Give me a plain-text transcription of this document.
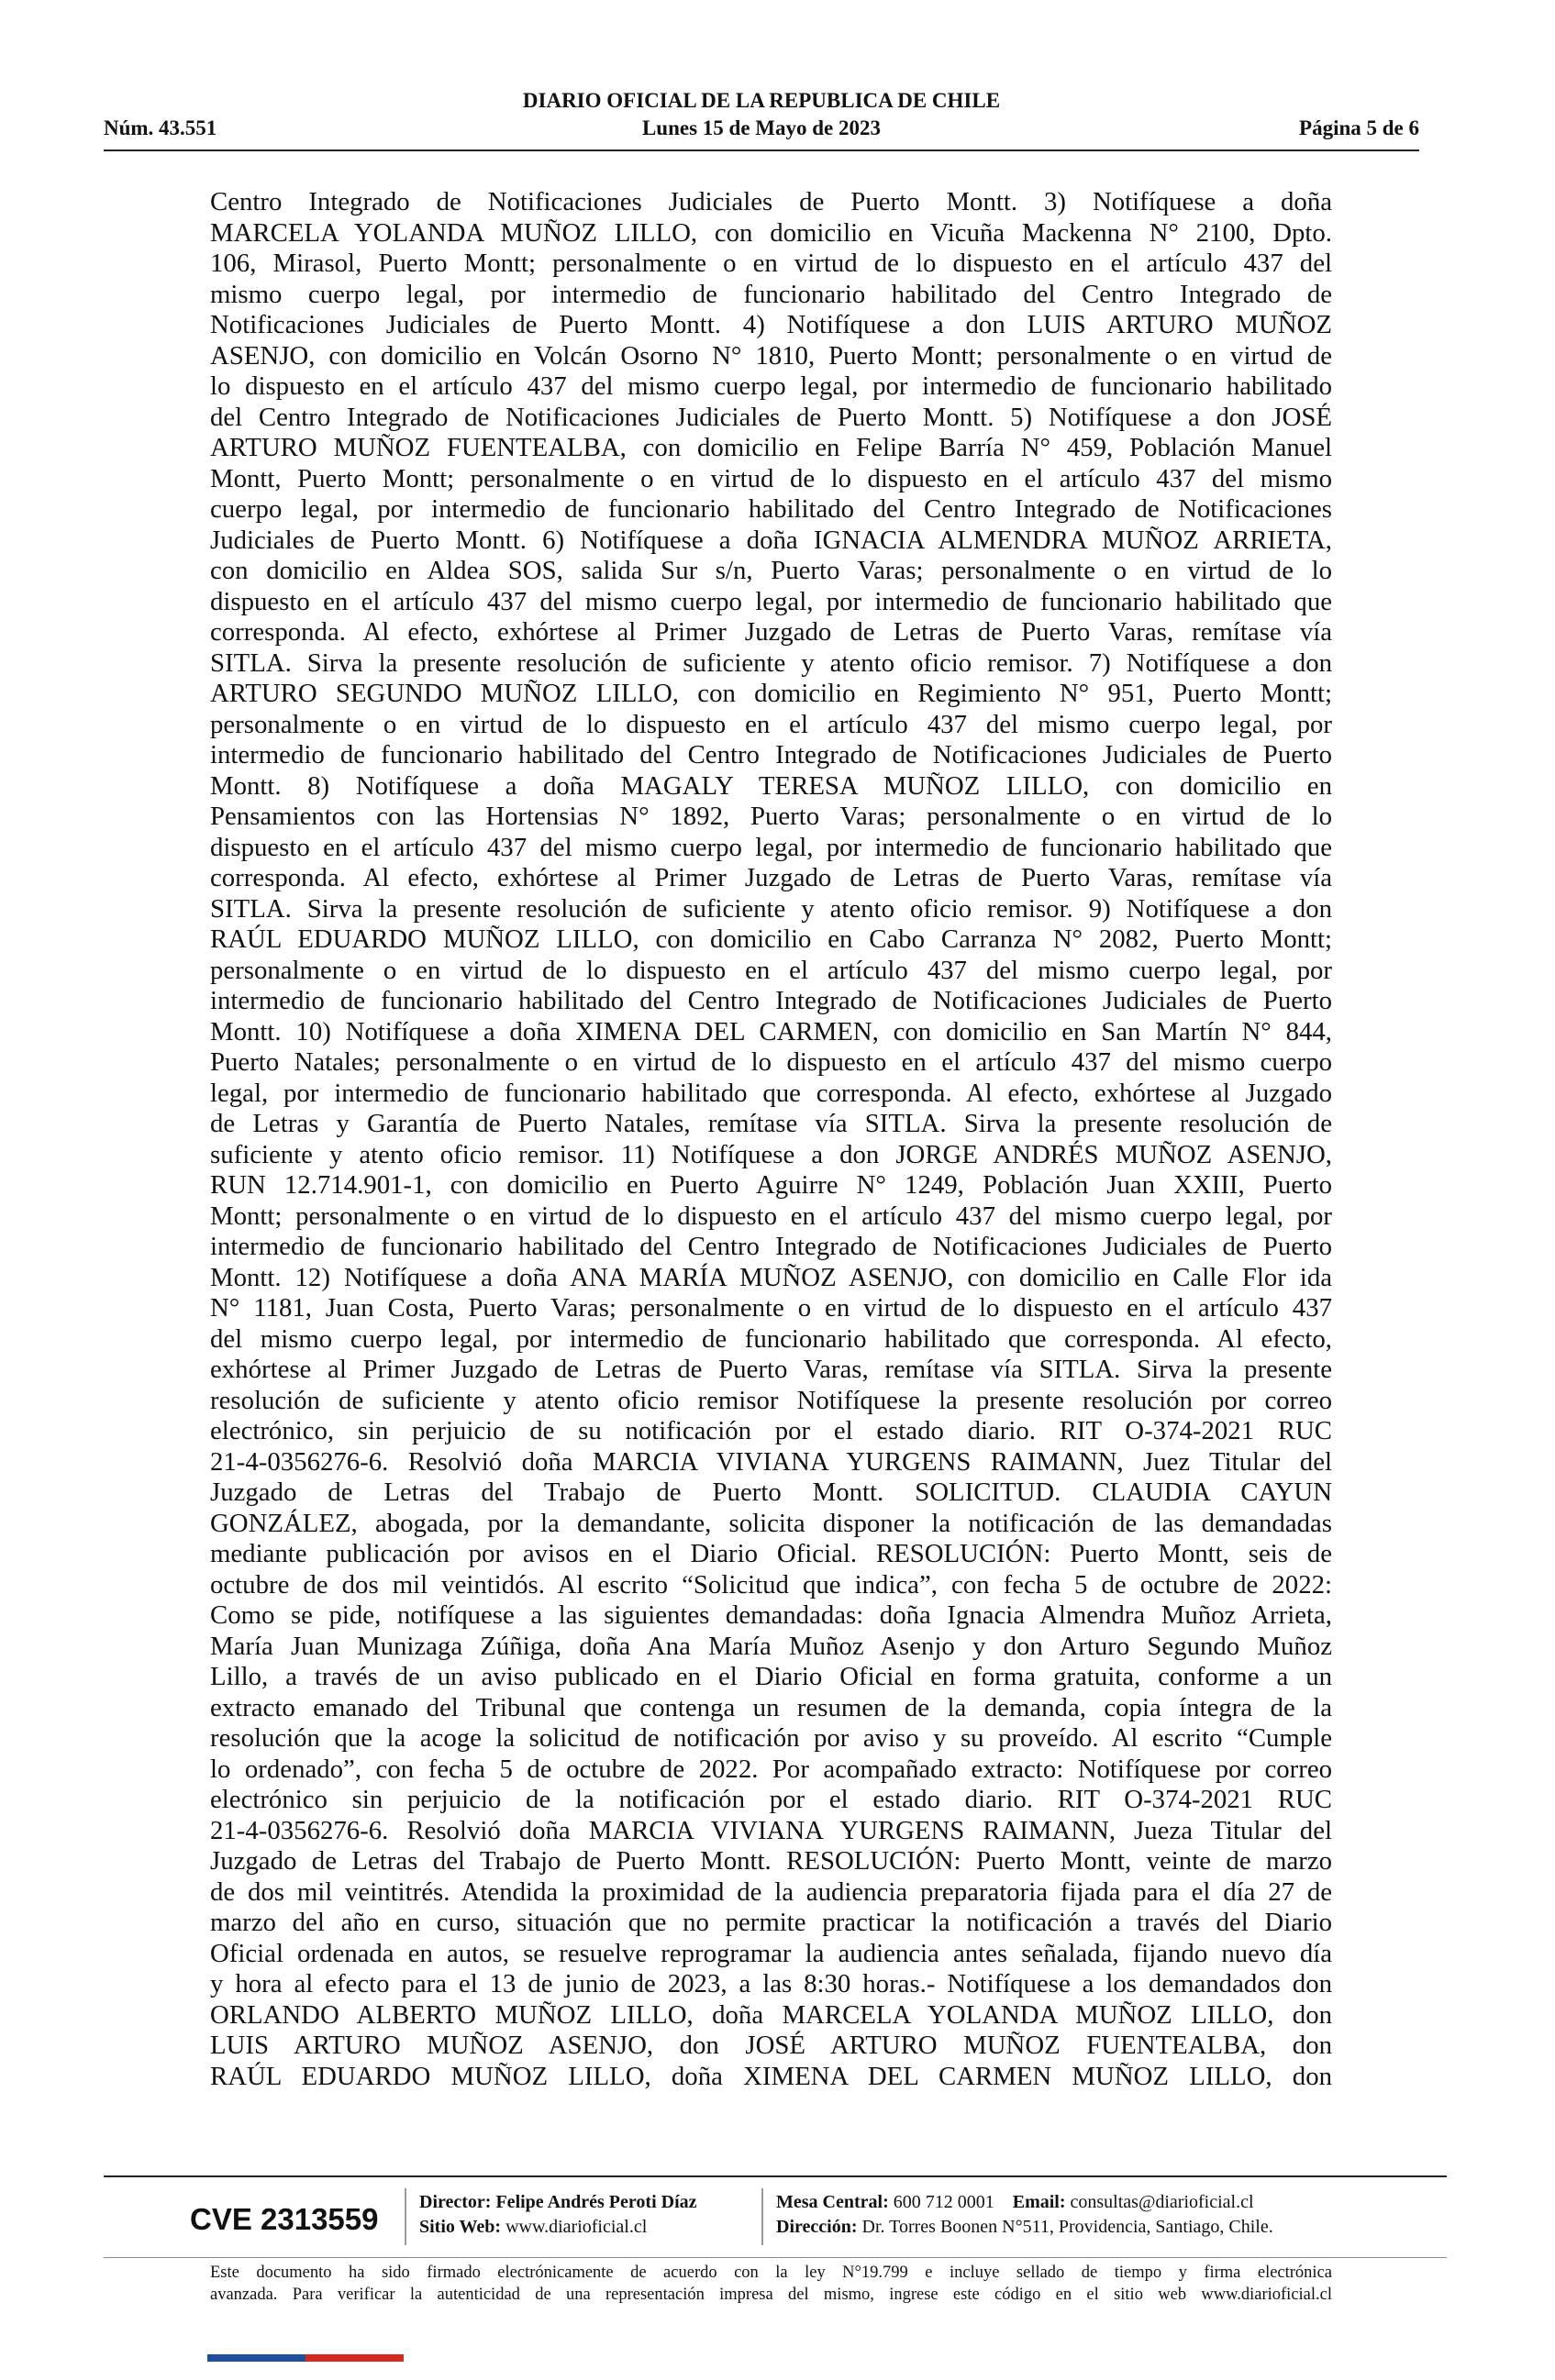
DIARIO OFICIAL DE LA REPUBLICA DE CHILE
Núm. 43.551	Lunes 15 de Mayo de 2023	Página 5 de 6
Centro Integrado de Notificaciones Judiciales de Puerto Montt. 3) Notifíquese a doña
MARCELA YOLANDA MUÑOZ LILLO, con domicilio en Vicuña Mackenna N° 2100, Dpto.
106, Mirasol, Puerto Montt; personalmente o en virtud de lo dispuesto en el artículo 437 del
mismo cuerpo legal, por intermedio de funcionario habilitado del Centro Integrado de
Notificaciones Judiciales de Puerto Montt. 4) Notifíquese a don LUIS ARTURO MUÑOZ
ASENJO, con domicilio en Volcán Osorno N° 1810, Puerto Montt; personalmente o en virtud de
lo dispuesto en el artículo 437 del mismo cuerpo legal, por intermedio de funcionario habilitado
del Centro Integrado de Notificaciones Judiciales de Puerto Montt. 5) Notifíquese a don JOSÉ
ARTURO MUÑOZ FUENTEALBA, con domicilio en Felipe Barría N° 459, Población Manuel
Montt, Puerto Montt; personalmente o en virtud de lo dispuesto en el artículo 437 del mismo
cuerpo legal, por intermedio de funcionario habilitado del Centro Integrado de Notificaciones
Judiciales de Puerto Montt. 6) Notifíquese a doña IGNACIA ALMENDRA MUÑOZ ARRIETA,
con domicilio en Aldea SOS, salida Sur s/n, Puerto Varas; personalmente o en virtud de lo
dispuesto en el artículo 437 del mismo cuerpo legal, por intermedio de funcionario habilitado que
corresponda. Al efecto, exhórtese al Primer Juzgado de Letras de Puerto Varas, remítase vía
SITLA. Sirva la presente resolución de suficiente y atento oficio remisor. 7) Notifíquese a don
ARTURO SEGUNDO MUÑOZ LILLO, con domicilio en Regimiento N° 951, Puerto Montt;
personalmente o en virtud de lo dispuesto en el artículo 437 del mismo cuerpo legal, por
intermedio de funcionario habilitado del Centro Integrado de Notificaciones Judiciales de Puerto
Montt. 8) Notifíquese a doña MAGALY TERESA MUÑOZ LILLO, con domicilio en
Pensamientos con las Hortensias N° 1892, Puerto Varas; personalmente o en virtud de lo
dispuesto en el artículo 437 del mismo cuerpo legal, por intermedio de funcionario habilitado que
corresponda. Al efecto, exhórtese al Primer Juzgado de Letras de Puerto Varas, remítase vía
SITLA. Sirva la presente resolución de suficiente y atento oficio remisor. 9) Notifíquese a don
RAÚL EDUARDO MUÑOZ LILLO, con domicilio en Cabo Carranza N° 2082, Puerto Montt;
personalmente o en virtud de lo dispuesto en el artículo 437 del mismo cuerpo legal, por
intermedio de funcionario habilitado del Centro Integrado de Notificaciones Judiciales de Puerto
Montt. 10) Notifíquese a doña XIMENA DEL CARMEN, con domicilio en San Martín N° 844,
Puerto Natales; personalmente o en virtud de lo dispuesto en el artículo 437 del mismo cuerpo
legal, por intermedio de funcionario habilitado que corresponda. Al efecto, exhórtese al Juzgado
de Letras y Garantía de Puerto Natales, remítase vía SITLA. Sirva la presente resolución de
suficiente y atento oficio remisor. 11) Notifíquese a don JORGE ANDRÉS MUÑOZ ASENJO,
RUN 12.714.901-1, con domicilio en Puerto Aguirre N° 1249, Población Juan XXIII, Puerto
Montt; personalmente o en virtud de lo dispuesto en el artículo 437 del mismo cuerpo legal, por
intermedio de funcionario habilitado del Centro Integrado de Notificaciones Judiciales de Puerto
Montt. 12) Notifíquese a doña ANA MARÍA MUÑOZ ASENJO, con domicilio en Calle Flor ida
N° 1181, Juan Costa, Puerto Varas; personalmente o en virtud de lo dispuesto en el artículo 437
del mismo cuerpo legal, por intermedio de funcionario habilitado que corresponda. Al efecto,
exhórtese al Primer Juzgado de Letras de Puerto Varas, remítase vía SITLA. Sirva la presente
resolución de suficiente y atento oficio remisor Notifíquese la presente resolución por correo
electrónico, sin perjuicio de su notificación por el estado diario. RIT O-374-2021 RUC
21-4-0356276-6. Resolvió doña MARCIA VIVIANA YURGENS RAIMANN, Juez Titular del
Juzgado de Letras del Trabajo de Puerto Montt. SOLICITUD. CLAUDIA CAYUN
GONZÁLEZ, abogada, por la demandante, solicita disponer la notificación de las demandadas
mediante publicación por avisos en el Diario Oficial. RESOLUCIÓN: Puerto Montt, seis de
octubre de dos mil veintidós. Al escrito “Solicitud que indica”, con fecha 5 de octubre de 2022:
Como se pide, notifíquese a las siguientes demandadas: doña Ignacia Almendra Muñoz Arrieta,
María Juan Munizaga Zúñiga, doña Ana María Muñoz Asenjo y don Arturo Segundo Muñoz
Lillo, a través de un aviso publicado en el Diario Oficial en forma gratuita, conforme a un
extracto emanado del Tribunal que contenga un resumen de la demanda, copia íntegra de la
resolución que la acoge la solicitud de notificación por aviso y su proveído. Al escrito “Cumple
lo ordenado”, con fecha 5 de octubre de 2022. Por acompañado extracto: Notifíquese por correo
electrónico sin perjuicio de la notificación por el estado diario. RIT O-374-2021 RUC
21-4-0356276-6. Resolvió doña MARCIA VIVIANA YURGENS RAIMANN, Jueza Titular del
Juzgado de Letras del Trabajo de Puerto Montt. RESOLUCIÓN: Puerto Montt, veinte de marzo
de dos mil veintitrés. Atendida la proximidad de la audiencia preparatoria fijada para el día 27 de
marzo del año en curso, situación que no permite practicar la notificación a través del Diario
Oficial ordenada en autos, se resuelve reprogramar la audiencia antes señalada, fijando nuevo día
y hora al efecto para el 13 de junio de 2023, a las 8:30 horas.- Notifíquese a los demandados don
ORLANDO ALBERTO MUÑOZ LILLO, doña MARCELA YOLANDA MUÑOZ LILLO, don
LUIS ARTURO MUÑOZ ASENJO, don JOSÉ ARTURO MUÑOZ FUENTEALBA, don
RAÚL EDUARDO MUÑOZ LILLO, doña XIMENA DEL CARMEN MUÑOZ LILLO, don
CVE 2313559 Director: Felipe Andrés Peroti Díaz
Sitio Web: www.diarioficial.cl
Mesa Central: 600 712 0001 Email: consultas@diarioficial.cl
Dirección: Dr. Torres Boonen N°511, Providencia, Santiago, Chile.
Este documento ha sido firmado electrónicamente de acuerdo con la ley N°19.799 e incluye sellado de tiempo y firma electrónica
avanzada. Para verificar la autenticidad de una representación impresa del mismo, ingrese este código en el sitio web www.diarioficial.cl
